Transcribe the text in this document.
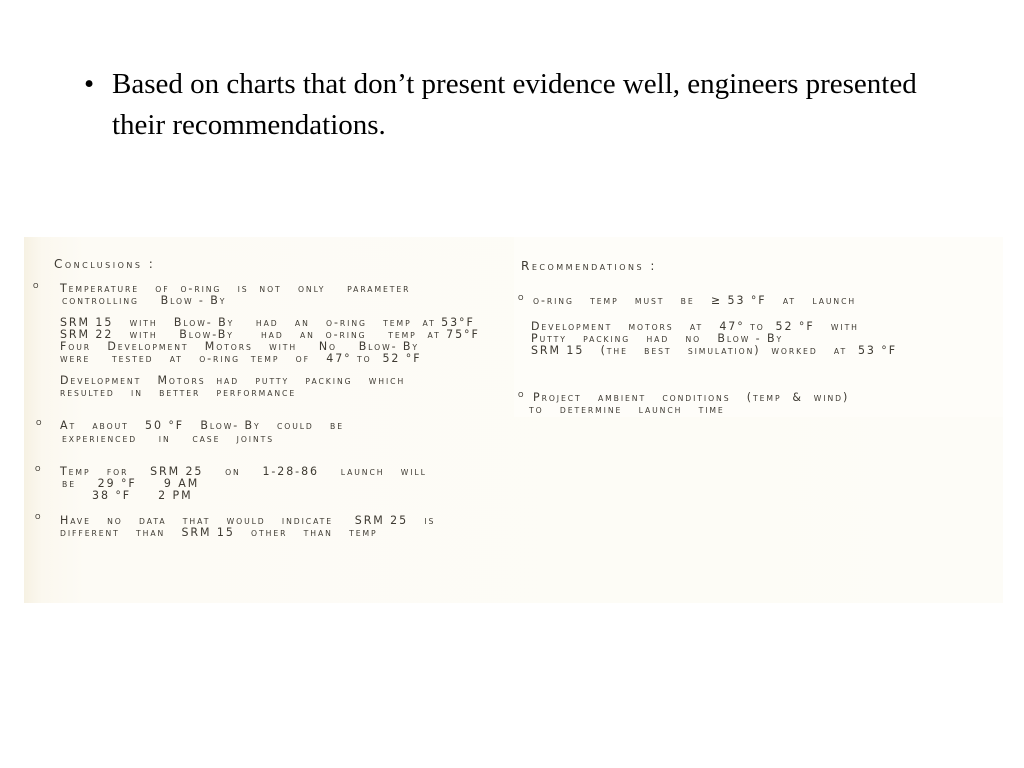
• Based on charts that don’t present evidence well, engineers presented their recommendations.
Conclusions :
o Temperature   of  o-ring   is  not   only    parameter
controlling    Blow - By
SRM 15   with   Blow- By    had   an   o-ring   temp  at 53°F
SRM 22   with    Blow-By     had   an  o-ring    temp  at 75°F
Four   Development   Motors   with    No    Blow- By
were    tested   at   o-ring  temp   of   47° to  52 °F
Development   Motors  had   putty   packing   which
resulted   in   better   performance
o At   about   50 °F   Blow- By   could   be
experienced    in    case   joints
o Temp   for    SRM 25    on    1-28-86    launch   will
be    29 °F     9 AM
38 °F     2 PM
o Have   no   data   that   would   indicate    SRM 25   is
different   than   SRM 15   other   than   temp
Recommendations :
o o-ring   temp   must   be   ≥ 53 °F   at   launch
Development   motors   at   47° to  52 °F   with
Putty   packing   had   no   Blow - By
SRM 15   (the   best   simulation)  worked   at  53 °F
o Project   ambient   conditions   (temp  &  wind)
to   determine   launch   time
